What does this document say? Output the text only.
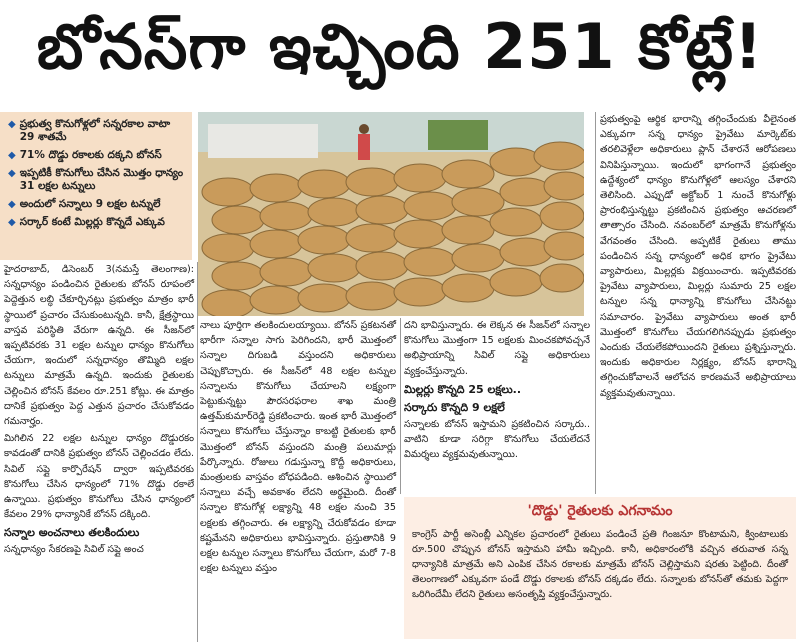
బోనస్‌గా ఇచ్చింది 251 కోట్లే!
◆ ప్రభుత్వ కొనుగోళ్లలో సన్నరకాల వాటా 29 శాతమే
◆ 71% దొడ్డు రకాలకు దక్కని బోనస్
◆ ఇప్పటికీ కొనుగోలు చేసిన మొత్తం ధాన్యం 31 లక్షల టన్నులు
◆ అందులో సన్నాలు 9 లక్షల టన్నులే
◆ సర్కార్ కంటే మిల్లర్లు కొన్నదే ఎక్కువ

హైదరాబాద్, డిసెంబర్ 3(నమస్తే తెలంగాణ): సన్నధాన్యం పండించిన రైతులకు బోనస్ రూపంలో పెద్దెత్తున లబ్ధి చేకూర్చినట్లు ప్రభుత్వం మాత్రం భారీ స్థాయిలో ప్రచారం చేసుకుంటున్నది. కానీ, క్షేత్రస్థాయి వాస్తవ పరిస్థితి వేరుగా ఉన్నది. ఈ సీజన్‌లో ఇప్పటివరకు 31 లక్షల టన్నుల ధాన్యం కొనుగోలు చేయగా, ఇందులో సన్నధాన్యం తొమ్మిది లక్షల టన్నులు మాత్రమే ఉన్నది. ఇందుకు రైతులకు చెల్లించిన బోనస్ కేవలం రూ.251 కోట్లు. ఈ మాత్రం దానికే ప్రభుత్వం పెద్ద ఎత్తున ప్రచారం చేసుకోవడం గమనార్హం.

మిగిలిన 22 లక్షల టన్నుల ధాన్యం దొడ్డురకం కావడంతో దానికి ప్రభుత్వం బోనస్ చెల్లించడం లేదు. సివిల్ సప్లై కార్పొరేషన్ ద్వారా ఇప్పటివరకు కొనుగోలు చేసిన ధాన్యంలో 71% దొడ్డు రకాలే ఉన్నాయి. ప్రభుత్వం కొనుగోలు చేసిన ధాన్యంలో కేవలం 29% ధాన్యానికే బోనస్ దక్కింది.

సన్నాల అంచనాలు తలకిందులు

సన్నధాన్యం సేకరణపై సివిల్ సప్లై అంచ

నాలు పూర్తిగా తలకిందులయ్యాయి. బోనస్ ప్రకటనతో భారీగా సన్నాల సాగు పెరిగిందని, భారీ మొత్తంలో సన్నాల దిగుబడి వస్తుందని అధికారులు చెప్పుకొచ్చారు. ఈ సీజన్‌లో 48 లక్షల టన్నుల సన్నాలను కొనుగోలు చేయాలని లక్ష్యంగా పెట్టుకున్నట్టు పౌరసరఫరాల శాఖ మంత్రి ఉత్తమ్‌కుమార్‌రెడ్డి ప్రకటించారు. ఇంత భారీ మొత్తంలో సన్నాలు కొనుగోలు చేస్తున్నాం కాబట్టి రైతులకు భారీ మొత్తంలో బోనస్ వస్తుందని మంత్రి పలుమార్లు పేర్కొన్నారు. రోజులు గడుస్తున్నా కొద్దీ అధికారులు, మంత్రులకు వాస్తవం బోధపడింది. ఆశించిన స్థాయిలో సన్నాలు వచ్చే అవకాశం లేదని అర్థమైంది. దీంతో సన్నాల కొనుగోళ్ల లక్ష్యాన్ని 48 లక్షల నుంచి 35 లక్షలకు తగ్గించారు. ఈ లక్ష్యాన్ని చేరుకోవడం కూడా కష్టమేనని అధికారులు భావిస్తున్నారు. ప్రస్తుతానికి 9 లక్షల టన్నుల సన్నాలు కొనుగోలు చేయగా, మరో 7-8 లక్షల టన్నులు వస్తుం

దని భావిస్తున్నారు. ఈ లెక్కన ఈ సీజన్‌లో సన్నాల కొనుగోలు మొత్తంగా 15 లక్షలకు మించకపోవచ్చనే అభిప్రాయాన్ని సివిల్ సప్లై అధికారులు వ్యక్తంచేస్తున్నారు.

మిల్లర్లు కొన్నది 25 లక్షలు..
సర్కారు కొన్నది 9 లక్షలే

సన్నాలకు బోనస్ ఇస్తామని ప్రకటించిన సర్కారు.. వాటిని కూడా సరిగ్గా కొనుగోలు చేయలేదనే విమర్శలు వ్యక్తమవుతున్నాయి.

ప్రభుత్వంపై ఆర్థిక భారాన్ని తగ్గించేందుకు వీలైనంత ఎక్కువగా సన్న ధాన్యం ప్రైవేటు మార్కెట్‌కు తరలివెళ్లేలా అధికారులు ప్లాన్ చేశారనే ఆరోపణలు వినిపిస్తున్నాయి. ఇందులో భాగంగానే ప్రభుత్వం ఉద్దేశ్యంలో ధాన్యం కొనుగోళ్లలో ఆలస్యం చేశారని తెలిసింది. ఎప్పుడో అక్టోబర్ 1 నుంచే కొనుగోళ్లు ప్రారంభిస్తున్నట్టు ప్రకటించిన ప్రభుత్వం ఆచరణలో తాత్సారం చేసింది. నవంబర్‌లో మాత్రమే కొనుగోళ్లను వేగవంతం చేసింది. అప్పటికే రైతులు తాము పండించిన సన్న ధాన్యంలో అధిక భాగం ప్రైవేటు వ్యాపారులు, మిల్లర్లకు విక్రయించారు. ఇప్పటివరకు ప్రైవేటు వ్యాపారులు, మిల్లర్లు సుమారు 25 లక్షల టన్నుల సన్న ధాన్యాన్ని కొనుగోలు చేసినట్టు సమాచారం. ప్రైవేటు వ్యాపారులు అంత భారీ మొత్తంలో కొనుగోలు చేయగలిగినప్పుడు ప్రభుత్వం ఎందుకు చేయలేకపోయిందని రైతులు ప్రశ్నిస్తున్నారు. ఇందుకు అధికారుల నిర్లక్ష్యం, బోనస్ భారాన్ని తగ్గించుకోవాలనే ఆలోచన కారణమనే అభిప్రాయాలు వ్యక్తమవుతున్నాయి.

'దొడ్డు' రైతులకు ఎగనామం
కాంగ్రెస్ పార్టీ అసెంబ్లీ ఎన్నికల ప్రచారంలో రైతులు పండించే ప్రతి గింజనూ కొంటామని, క్వింటాలుకు రూ.500 చొప్పున బోనస్ ఇస్తామని హామీ ఇచ్చింది. కానీ, అధికారంలోకి వచ్చిన తరువాత సన్న ధాన్యానికి మాత్రమే అని ఎంపిక చేసిన రకాలకు మాత్రమే బోనస్ చెల్లిస్తామని షరతు పెట్టింది. దీంతో తెలంగాణలో ఎక్కువగా పండే దొడ్డు రకాలకు బోనస్ దక్కడం లేదు. సన్నాలకు బోనస్‌తో తమకు పెద్దగా ఒరిగిందేమీ లేదని రైతులు అసంతృప్తి వ్యక్తంచేస్తున్నారు.
